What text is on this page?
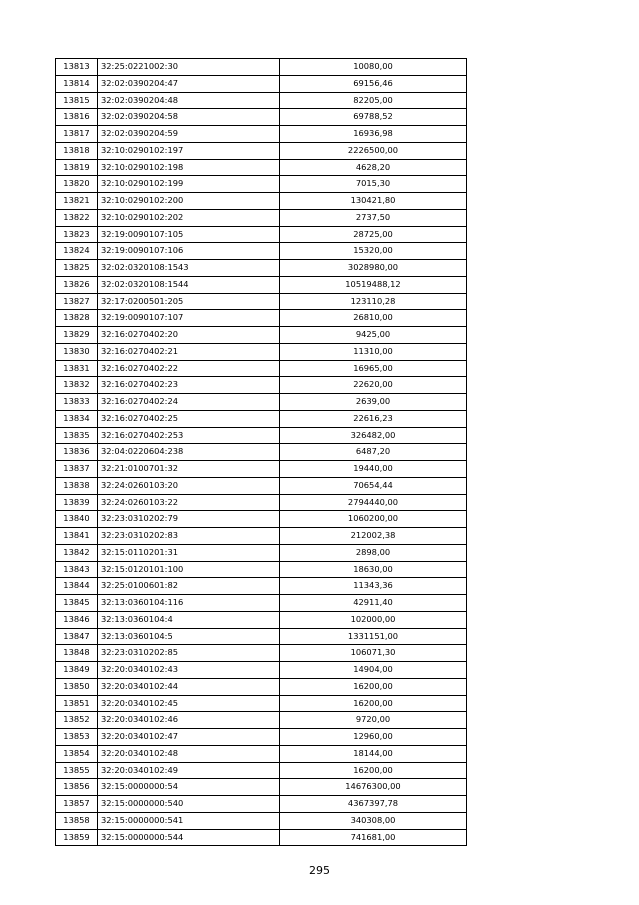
13813	32:25:0221002:30	10080,00
13814	32:02:0390204:47	69156,46
13815	32:02:0390204:48	82205,00
13816	32:02:0390204:58	69788,52
13817	32:02:0390204:59	16936,98
13818	32:10:0290102:197	2226500,00
13819	32:10:0290102:198	4628,20
13820	32:10:0290102:199	7015,30
13821	32:10:0290102:200	130421,80
13822	32:10:0290102:202	2737,50
13823	32:19:0090107:105	28725,00
13824	32:19:0090107:106	15320,00
13825	32:02:0320108:1543	3028980,00
13826	32:02:0320108:1544	10519488,12
13827	32:17:0200501:205	123110,28
13828	32:19:0090107:107	26810,00
13829	32:16:0270402:20	9425,00
13830	32:16:0270402:21	11310,00
13831	32:16:0270402:22	16965,00
13832	32:16:0270402:23	22620,00
13833	32:16:0270402:24	2639,00
13834	32:16:0270402:25	22616,23
13835	32:16:0270402:253	326482,00
13836	32:04:0220604:238	6487,20
13837	32:21:0100701:32	19440,00
13838	32:24:0260103:20	70654,44
13839	32:24:0260103:22	2794440,00
13840	32:23:0310202:79	1060200,00
13841	32:23:0310202:83	212002,38
13842	32:15:0110201:31	2898,00
13843	32:15:0120101:100	18630,00
13844	32:25:0100601:82	11343,36
13845	32:13:0360104:116	42911,40
13846	32:13:0360104:4	102000,00
13847	32:13:0360104:5	1331151,00
13848	32:23:0310202:85	106071,30
13849	32:20:0340102:43	14904,00
13850	32:20:0340102:44	16200,00
13851	32:20:0340102:45	16200,00
13852	32:20:0340102:46	9720,00
13853	32:20:0340102:47	12960,00
13854	32:20:0340102:48	18144,00
13855	32:20:0340102:49	16200,00
13856	32:15:0000000:54	14676300,00
13857	32:15:0000000:540	4367397,78
13858	32:15:0000000:541	340308,00
13859	32:15:0000000:544	741681,00
295
